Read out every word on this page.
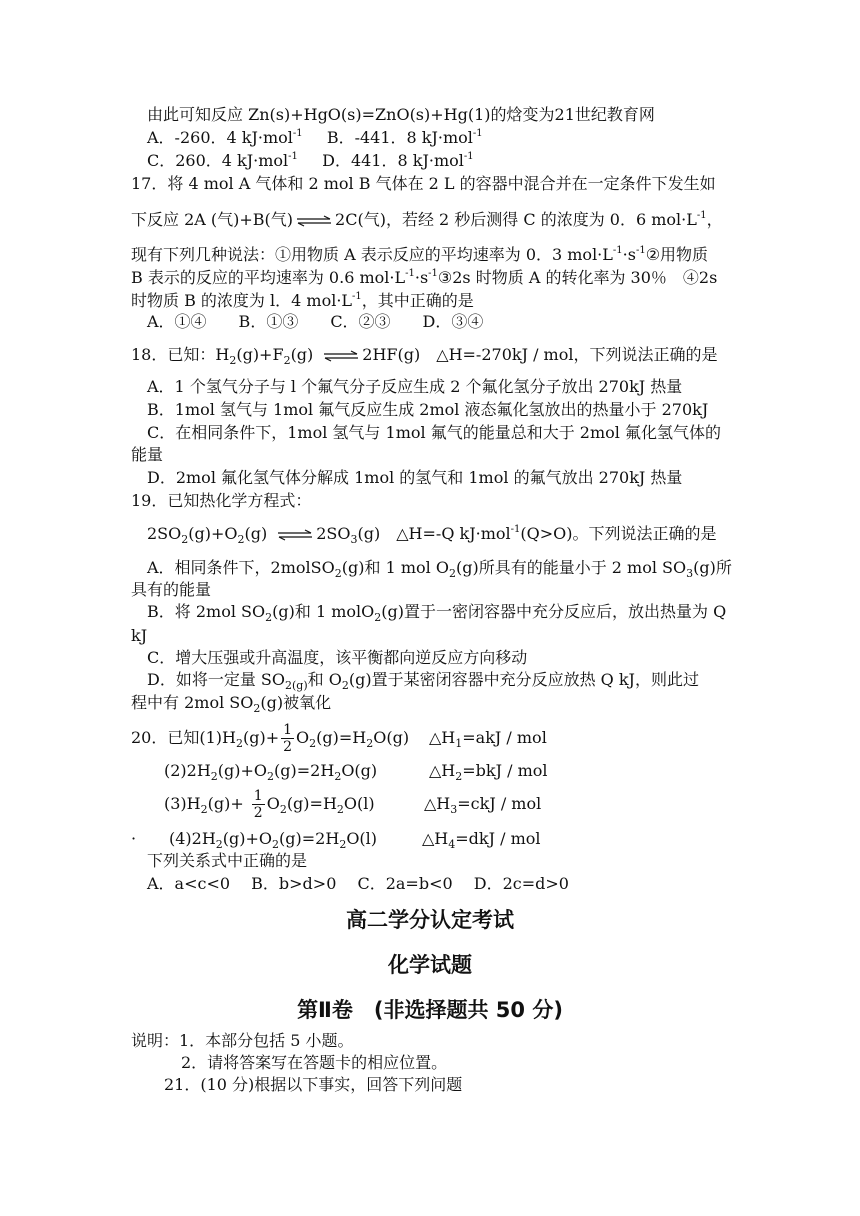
由此可知反应 Zn(s)+HgO(s)=ZnO(s)+Hg(1)的焓变为21世纪教育网
A．-260．4 kJ·mol$^{-1}$ B．-441．8 kJ·mol$^{-1}$
C．260．4 kJ·mol$^{-1}$ D．441．8 kJ·mol$^{-1}$
17．将 4 mol A 气体和 2 mol B 气体在 2 L 的容器中混合并在一定条件下发生如
下反应 2A (气)+B(气) ⇌ 2C(气)，若经 2 秒后测得 C 的浓度为 0．6 $mol\cdot L^{-1}$，
现有下列几种说法：①用物质 A 表示反应的平均速率为 0．3 $mol\cdot L^{-1}\cdot s^{-1}②$用物质
B 表示的反应的平均速率为 0.6 $mol\cdot L^{-1}\cdot s^{-1}③2s$ 时物质 A 的转化率为 30％　④2s
时物质 B 的浓度为 l．4 $mol\cdot L^{-1}$，其中正确的是
A．①④　　B．①③　　C．②③　　D．③④
18．已知：$H_2(g)+F_2(g)$ ⇌ 2HF(g)　△H=-270kJ / mol，下列说法正确的是
A．1 个氢气分子与 l 个氟气分子反应生成 2 个氟化氢分子放出 270kJ 热量
B．1mol 氢气与 1mol 氟气反应生成 2mol 液态氟化氢放出的热量小于 270kJ
C．在相同条件下，1mol 氢气与 1mol 氟气的能量总和大于 2mol 氟化氢气体的
能量
D．2mol 氟化氢气体分解成 1mol 的氢气和 1mol 的氟气放出 270kJ 热量
19．已知热化学方程式：
$2SO_2(g)+O_2(g)$ ⇌ $2SO_3(g)$　△H=-Q kJ·mol$^{-1}$(Q>O)。下列说法正确的是
A．相同条件下，2molSO$_2$(g)和 1 mol $O_2(g)$所具有的能量小于 2 mol $SO_3(g)$所
具有的能量
B．将 2mol $SO_2(g)$和 1 molO$_2$(g)置于一密闭容器中充分反应后，放出热量为 Q
kJ
C．增大压强或升高温度，该平衡都向逆反应方向移动
D．如将一定量 $SO_{2(g)}$和 $O_2(g)$置于某密闭容器中充分反应放热 Q kJ，则此过
程中有 2mol $SO_2(g)$被氧化
20．已知$(1)H_2(g)+ \frac{1}{2} O_2(g)=H_2O(g)$ $\triangle H_1=akJ$ / mol
$(2)2H_2(g)+O_2(g)=2H_2O(g)$	$\triangle H_2=bkJ$ / mol
$(3)H_2(g)+ \frac{1}{2} O_2(g)=H_2O(l)$	$\triangle H_3=ckJ$ / mol
· $(4)2H_2(g)+O_2(g)=2H_2O(l)$	$\triangle H_4=dkJ$ / mol
下列关系式中正确的是
A．a<c<0　 B．b>d>0　 C．2a=b<0　 D．2c=d>0
高二学分认定考试
化学试题
第Ⅱ卷　(非选择题共 50 分)
说明：1．本部分包括 5 小题。
2．请将答案写在答题卡的相应位置。
21．(10 分)根据以下事实，回答下列问题
